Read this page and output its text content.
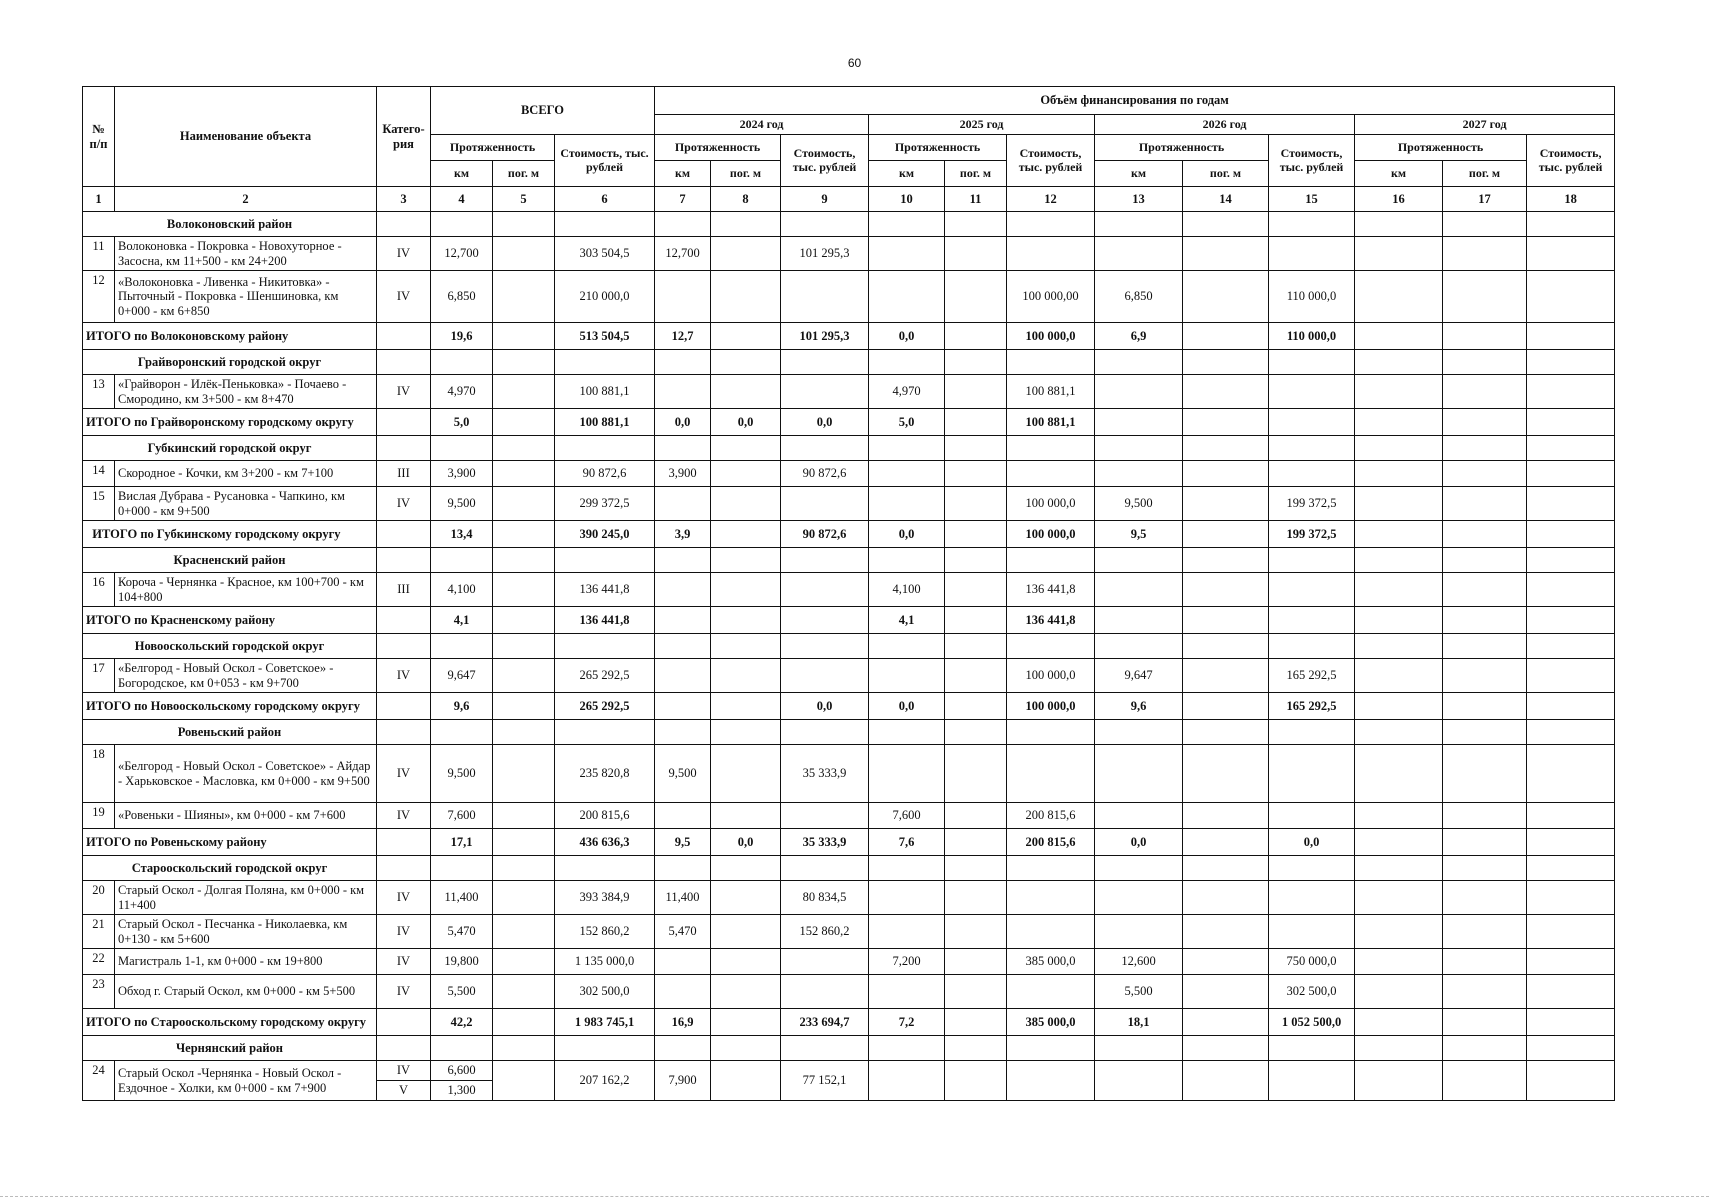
60
№ п/п	Наименование объекта	Катего-рия	ВСЕГО			Объём финансирования по годам											
						2024 год			2025 год			2026 год			2027 год		
			Протяженность		Стоимость, тыс. рублей	Протяженность		Стоимость, тыс. рублей	Протяженность		Стоимость, тыс. рублей	Протяженность		Стоимость, тыс. рублей	Протяженность		Стоимость, тыс. рублей
			км	пог. м		км	пог. м		км	пог. м		км	пог. м		км	пог. м	
1	2	3	4	5	6	7	8	9	10	11	12	13	14	15	16	17	18
Волоконовский район																	
11	Волоконовка - Покровка - Новохуторное - Засосна, км 11+500 - км 24+200	IV	12,700		303 504,5	12,700		101 295,3									
12	«Волоконовка - Ливенка - Никитовка» - Пыточный - Покровка - Шеншиновка, км 0+000 - км 6+850	IV	6,850		210 000,0						100 000,00	6,850		110 000,0			
ИТОГО по Волоконовскому району			19,6		513 504,5	12,7		101 295,3	0,0		100 000,0	6,9		110 000,0			
Грайворонский городской округ																	
13	«Грайворон - Илёк-Пеньковка» - Почаево - Смородино, км 3+500 - км 8+470	IV	4,970		100 881,1				4,970		100 881,1						
ИТОГО по Грайворонскому городскому округу			5,0		100 881,1	0,0	0,0	0,0	5,0		100 881,1						
Губкинский городской округ																	
14	Скородное - Кочки, км 3+200 - км 7+100	III	3,900		90 872,6	3,900		90 872,6									
15	Вислая Дубрава - Русановка - Чапкино, км 0+000 - км 9+500	IV	9,500		299 372,5						100 000,0	9,500		199 372,5			
ИТОГО по Губкинскому городскому округу			13,4		390 245,0	3,9		90 872,6	0,0		100 000,0	9,5		199 372,5			
Красненский район																	
16	Короча - Чернянка - Красное, км 100+700 - км 104+800	III	4,100		136 441,8				4,100		136 441,8						
ИТОГО по Красненскому району			4,1		136 441,8				4,1		136 441,8						
Новооскольский городской округ																	
17	«Белгород - Новый Оскол - Советское» - Богородское, км 0+053 - км 9+700	IV	9,647		265 292,5						100 000,0	9,647		165 292,5			
ИТОГО по Новооскольскому городскому округу			9,6		265 292,5			0,0	0,0		100 000,0	9,6		165 292,5			
Ровеньский район																	
18	«Белгород - Новый Оскол - Советское» - Айдар - Харьковское - Масловка, км 0+000 - км 9+500	IV	9,500		235 820,8	9,500		35 333,9									
19	«Ровеньки - Шияны», км 0+000 - км 7+600	IV	7,600		200 815,6				7,600		200 815,6						
ИТОГО по Ровеньскому району			17,1		436 636,3	9,5	0,0	35 333,9	7,6		200 815,6	0,0		0,0			
Старооскольский городской округ																	
20	Старый Оскол - Долгая Поляна, км 0+000 - км 11+400	IV	11,400		393 384,9	11,400		80 834,5									
21	Старый Оскол - Песчанка - Николаевка, км 0+130 - км 5+600	IV	5,470		152 860,2	5,470		152 860,2									
22	Магистраль 1-1, км 0+000 - км 19+800	IV	19,800		1 135 000,0				7,200		385 000,0	12,600		750 000,0			
23	Обход г. Старый Оскол, км 0+000 - км 5+500	IV	5,500		302 500,0							5,500		302 500,0			
ИТОГО по Старооскольскому городскому округу			42,2		1 983 745,1	16,9		233 694,7	7,2		385 000,0	18,1		1 052 500,0			
Чернянский район																	
24	Старый Оскол -Чернянка - Новый Оскол - Ездочное - Холки, км 0+000 - км 7+900	IV	6,600		207 162,2	7,900		77 152,1									
		V	1,300														
